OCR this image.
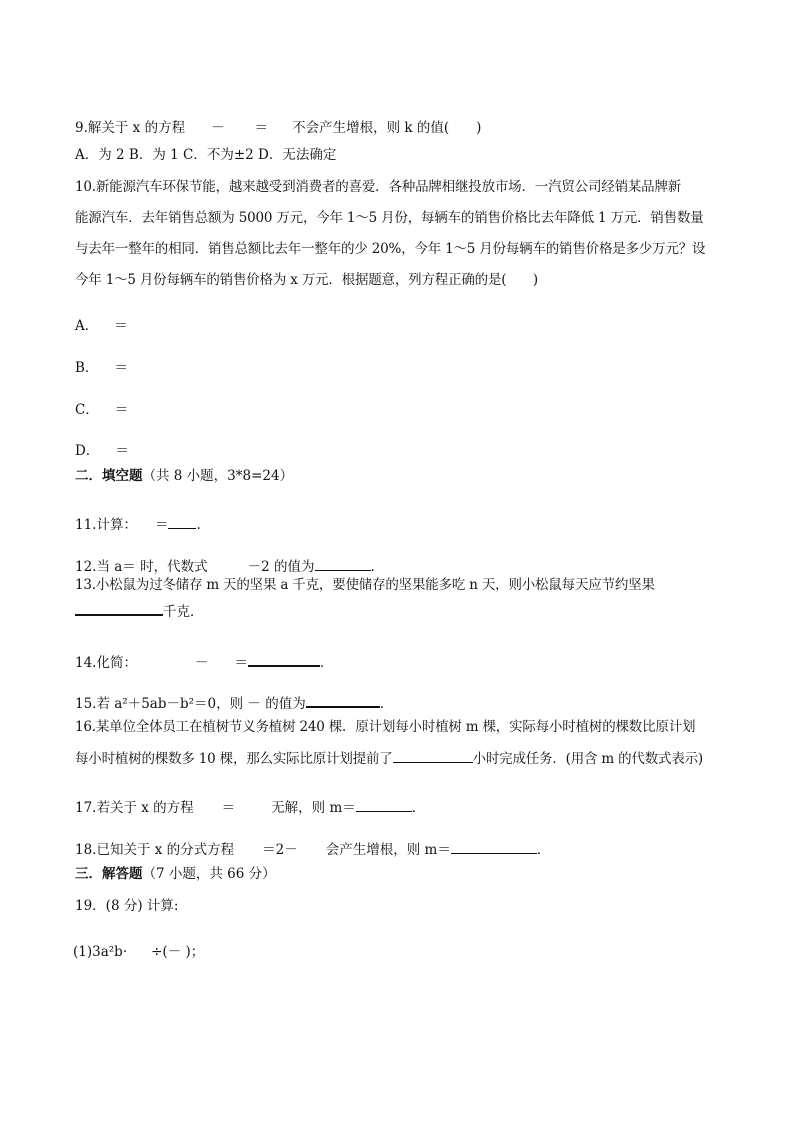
9.解关于 x 的方程 － ＝ 不会产生增根，则 k 的值(　　)
A．为 2 B．为 1 C．不为±2 D．无法确定
10.新能源汽车环保节能，越来越受到消费者的喜爱．各种品牌相继投放市场．一汽贸公司经销某品牌新
能源汽车．去年销售总额为 5000 万元，今年 1～5 月份，每辆车的销售价格比去年降低 1 万元．销售数量
与去年一整年的相同．销售总额比去年一整年的少 20%，今年 1～5 月份每辆车的销售价格是多少万元？设
今年 1～5 月份每辆车的销售价格为 x 万元．根据题意，列方程正确的是(　　)
A． ＝
B． ＝
C． ＝
D． ＝
二．填空题（共 8 小题，3*8=24）
11.计算： ＝ .
12.当 a＝ 时，代数式	－2 的值为	.
13.小松鼠为过冬储存 m 天的坚果 a 千克，要使储存的坚果能多吃 n 天，则小松鼠每天应节约坚果
千克．
14.化简：	－ ＝	．
15.若 a²＋5ab－b²＝0，则 － 的值为	．
16.某单位全体员工在植树节义务植树 240 棵．原计划每小时植树 m 棵，实际每小时植树的棵数比原计划
每小时植树的棵数多 10 棵，那么实际比原计划提前了	小时完成任务．(用含 m 的代数式表示)
17.若关于 x 的方程 ＝	无解，则 m＝	．
18.已知关于 x 的分式方程 ＝2－ 会产生增根，则 m＝	．
三．解答题（7 小题，共 66 分）
19．(8 分) 计算:
(1)3a²b· ÷(－ )；
